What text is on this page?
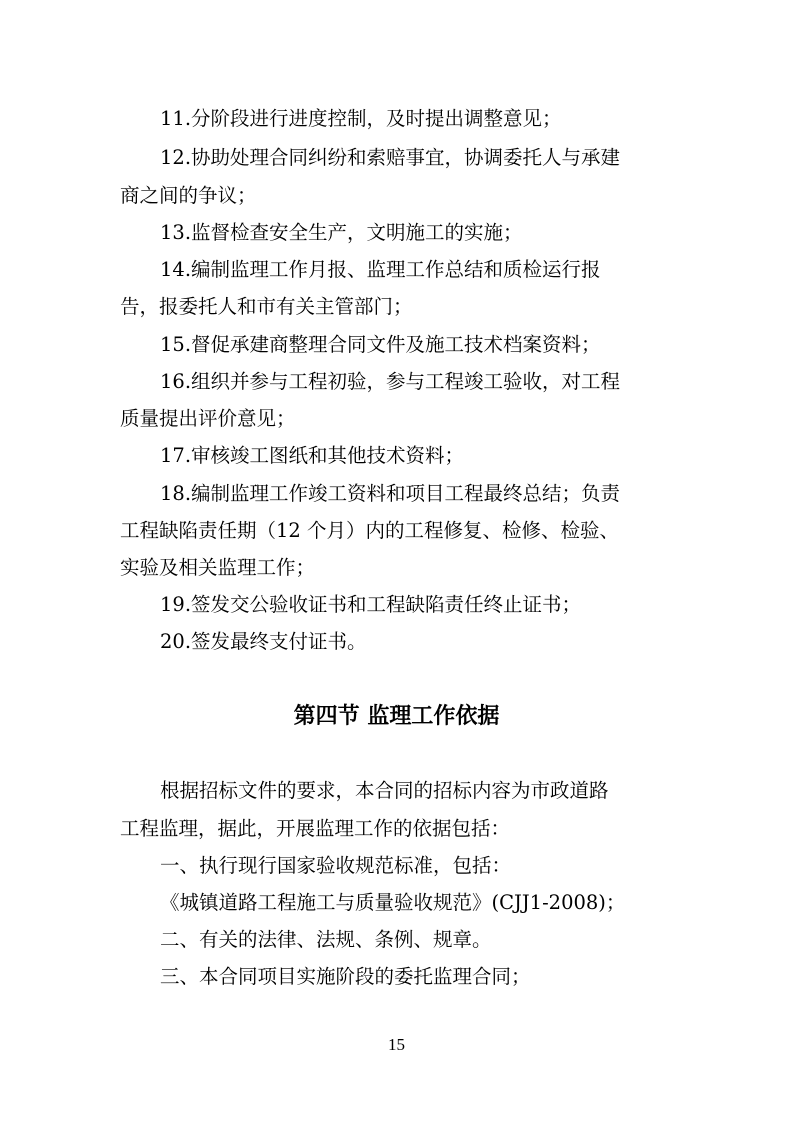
11.分阶段进行进度控制，及时提出调整意见；
12.协助处理合同纠纷和索赔事宜，协调委托人与承建
商之间的争议；
13.监督检查安全生产，文明施工的实施；
14.编制监理工作月报、监理工作总结和质检运行报
告，报委托人和市有关主管部门；
15.督促承建商整理合同文件及施工技术档案资料；
16.组织并参与工程初验，参与工程竣工验收，对工程
质量提出评价意见；
17.审核竣工图纸和其他技术资料；
18.编制监理工作竣工资料和项目工程最终总结；负责
工程缺陷责任期（12 个月）内的工程修复、检修、检验、
实验及相关监理工作；
19.签发交公验收证书和工程缺陷责任终止证书；
20.签发最终支付证书。
第四节 监理工作依据
根据招标文件的要求，本合同的招标内容为市政道路
工程监理，据此，开展监理工作的依据包括：
一、执行现行国家验收规范标准，包括：
《城镇道路工程施工与质量验收规范》(CJJ1-2008)；
二、有关的法律、法规、条例、规章。
三、本合同项目实施阶段的委托监理合同；
15
